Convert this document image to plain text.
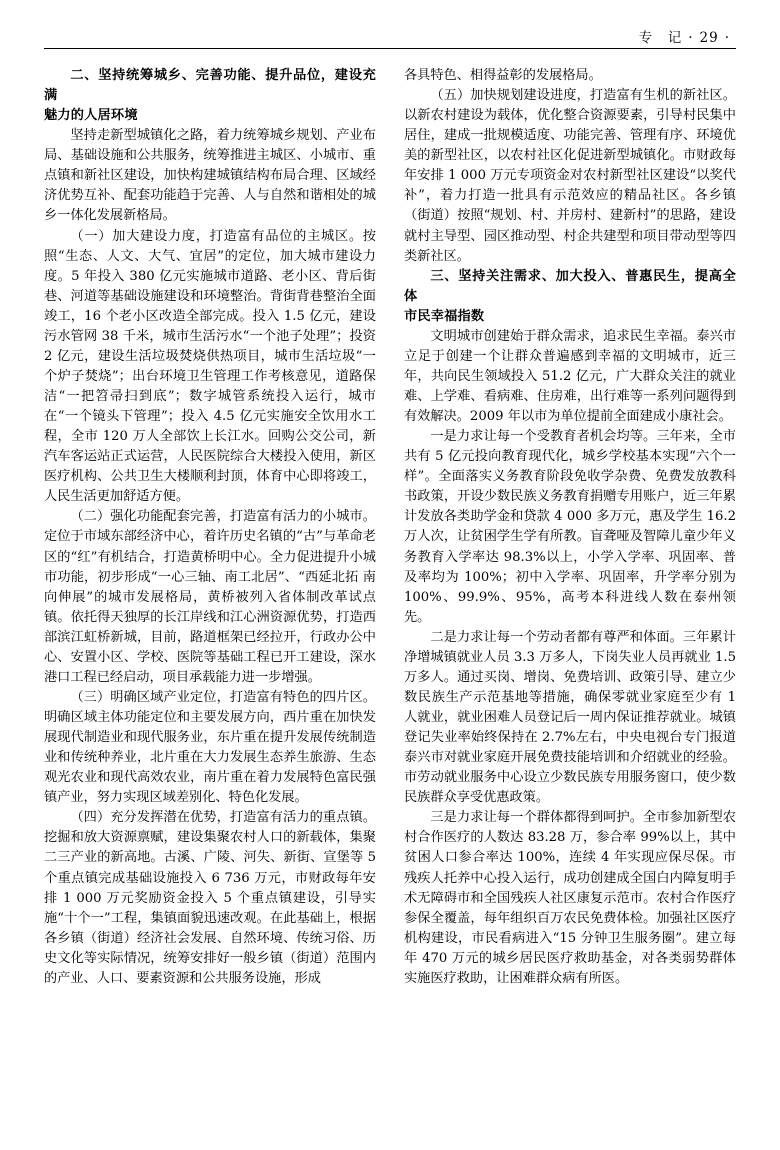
专　记 · 29 ·

二、坚持统筹城乡、完善功能、提升品位，建设充满

魅力的人居环境

坚持走新型城镇化之路，着力统筹城乡规划、产业布局、基础设施和公共服务，统筹推进主城区、小城市、重点镇和新社区建设，加快构建城镇结构布局合理、区域经济优势互补、配套功能趋于完善、人与自然和谐相处的城乡一体化发展新格局。

（一）加大建设力度，打造富有品位的主城区。按照“生态、人文、大气、宜居”的定位，加大城市建设力度。5 年投入 380 亿元实施城市道路、老小区、背后街巷、河道等基础设施建设和环境整治。背街背巷整治全面竣工，16 个老小区改造全部完成。投入 1.5 亿元，建设污水管网 38 千米，城市生活污水“一个池子处理”；投资 2 亿元，建设生活垃圾焚烧供热项目，城市生活垃圾“一个炉子焚烧”；出台环境卫生管理工作考核意见，道路保洁“一把笤帚扫到底”；数字城管系统投入运行，城市在“一个镜头下管理”；投入 4.5 亿元实施安全饮用水工程，全市 120 万人全部饮上长江水。回购公交公司，新汽车客运站正式运营，人民医院综合大楼投入使用，新区医疗机构、公共卫生大楼顺利封顶，体育中心即将竣工，人民生活更加舒适方便。

（二）强化功能配套完善，打造富有活力的小城市。定位于市域东部经济中心，着许历史名镇的“古”与革命老区的“红”有机结合，打造黄桥明中心。全力促进提升小城市功能，初步形成“一心三轴、南工北居”、“西延北拓 南向伸展”的城市发展格局，黄桥被列入省体制改革试点镇。依托得天独厚的长江岸线和江心洲资源优势，打造西部滨江虹桥新城，目前，路道框架已经拉开，行政办公中心、安置小区、学校、医院等基础工程已开工建设，深水港口工程已经启动，项目承载能力进一步增强。

（三）明确区域产业定位，打造富有特色的四片区。明确区域主体功能定位和主要发展方向，西片重在加快发展现代制造业和现代服务业，东片重在提升发展传统制造业和传统种养业，北片重在大力发展生态养生旅游、生态观光农业和现代高效农业，南片重在着力发展特色富民强镇产业，努力实现区域差别化、特色化发展。

（四）充分发挥潜在优势，打造富有活力的重点镇。挖掘和放大资源禀赋，建设集聚农村人口的新载体，集聚二三产业的新高地。古溪、广陵、河失、新街、宣堡等 5 个重点镇完成基础设施投入 6 736 万元，市财政每年安排 1 000 万元奖励资金投入 5 个重点镇建设，引导实施“十个一”工程，集镇面貌迅速改观。在此基础上，根据各乡镇（街道）经济社会发展、自然环境、传统习俗、历史文化等实际情况，统筹安排好一般乡镇（街道）范围内的产业、人口、要素资源和公共服务设施，形成

各具特色、相得益彰的发展格局。

（五）加快规划建设进度，打造富有生机的新社区。以新农村建设为载体，优化整合资源要素，引导村民集中居住，建成一批规模适度、功能完善、管理有序、环境优美的新型社区，以农村社区化促进新型城镇化。市财政每年安排 1 000 万元专项资金对农村新型社区建设“以奖代补”，着力打造一批具有示范效应的精品社区。各乡镇（街道）按照“规划、村、并房村、建新村”的思路，建设就村主导型、园区推动型、村企共建型和项目带动型等四类新社区。

三、坚持关注需求、加大投入、普惠民生，提高全体

市民幸福指数

文明城市创建始于群众需求，追求民生幸福。泰兴市立足于创建一个让群众普遍感到幸福的文明城市，近三年，共向民生领域投入 51.2 亿元，广大群众关注的就业难、上学难、看病难、住房难，出行难等一系列问题得到有效解决。2009 年以市为单位提前全面建成小康社会。

一是力求让每一个受教育者机会均等。三年来，全市共有 5 亿元投向教育现代化，城乡学校基本实现“六个一样”。全面落实义务教育阶段免收学杂费、免费发放教科书政策，开设少数民族义务教育捐赠专用账户，近三年累计发放各类助学金和贷款 4 000 多万元，惠及学生 16.2 万人次，让贫困学生学有所教。盲聋哑及智障儿童少年义务教育入学率达 98.3%以上，小学入学率、巩固率、普及率均为 100%；初中入学率、巩固率，升学率分别为 100%、99.9%、95%，高考本科进线人数在泰州领先。

二是力求让每一个劳动者都有尊严和体面。三年累计净增城镇就业人员 3.3 万多人，下岗失业人员再就业 1.5 万多人。通过买岗、增岗、免费培训、政策引导、建立少数民族生产示范基地等措施，确保零就业家庭至少有 1 人就业，就业困难人员登记后一周内保证推荐就业。城镇登记失业率始终保持在 2.7%左右，中央电视台专门报道泰兴市对就业家庭开展免费技能培训和介绍就业的经验。市劳动就业服务中心设立少数民族专用服务窗口，使少数民族群众享受优惠政策。

三是力求让每一个群体都得到呵护。全市参加新型农村合作医疗的人数达 83.28 万，参合率 99%以上，其中贫困人口参合率达 100%，连续 4 年实现应保尽保。市残疾人托养中心投入运行，成功创建成全国白内障复明手术无障碍市和全国残疾人社区康复示范市。农村合作医疗参保全覆盖，每年组织百万农民免费体检。加强社区医疗机构建设，市民看病进入“15 分钟卫生服务圈”。建立每年 470 万元的城乡居民医疗救助基金，对各类弱势群体实施医疗救助，让困难群众病有所医。
